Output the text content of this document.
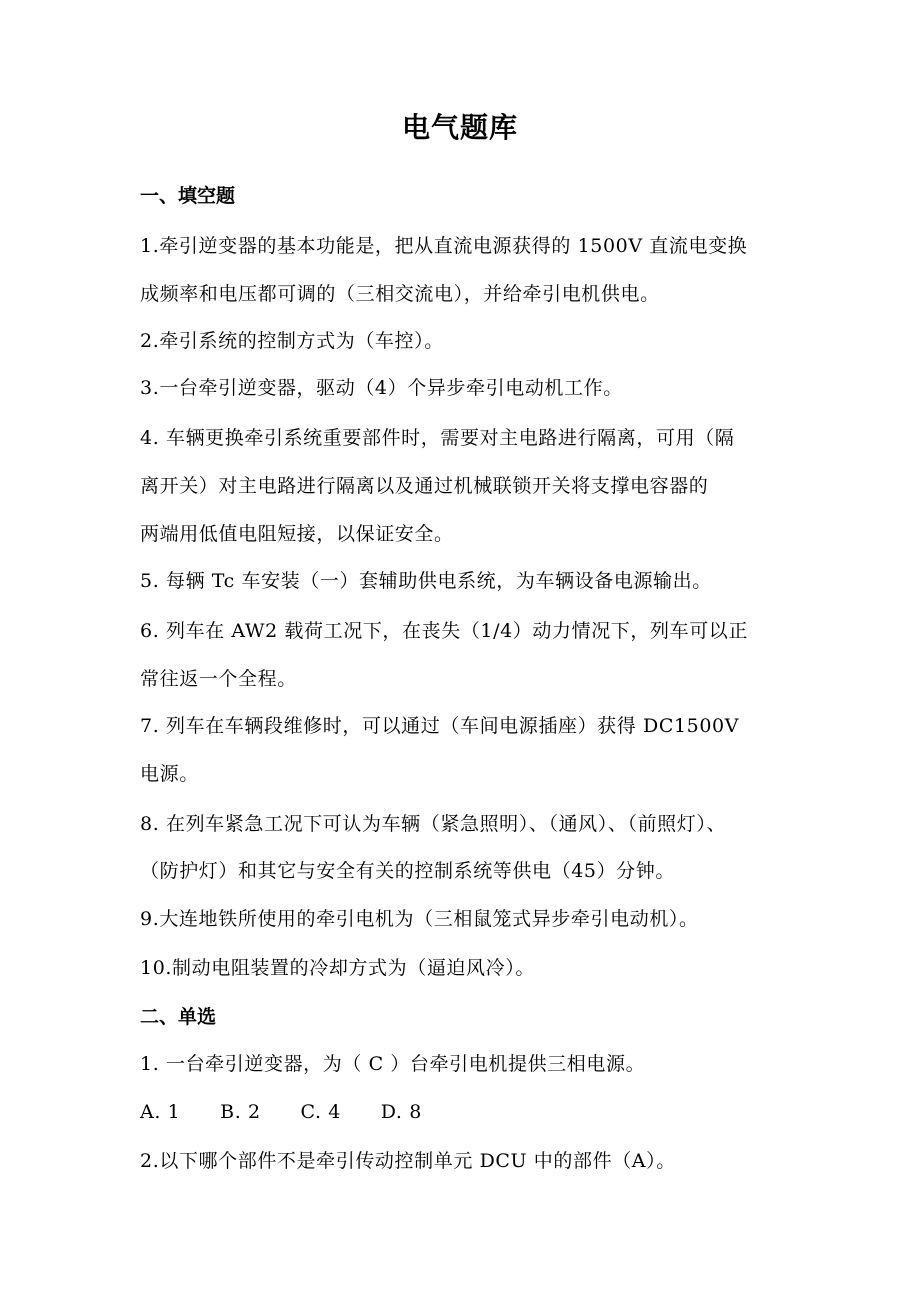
电气题库
一、填空题
1.牵引逆变器的基本功能是，把从直流电源获得的 1500V 直流电变换
成频率和电压都可调的（三相交流电），并给牵引电机供电。
2.牵引系统的控制方式为（车控）。
3.一台牵引逆变器，驱动（4）个异步牵引电动机工作。
4. 车辆更换牵引系统重要部件时，需要对主电路进行隔离，可用（隔
离开关）对主电路进行隔离以及通过机械联锁开关将支撑电容器的
两端用低值电阻短接，以保证安全。
5. 每辆 Tc 车安装（一）套辅助供电系统，为车辆设备电源输出。
6. 列车在 AW2 载荷工况下，在丧失（1/4）动力情况下，列车可以正
常往返一个全程。
7. 列车在车辆段维修时，可以通过（车间电源插座）获得 DC1500V
电源。
8. 在列车紧急工况下可认为车辆（紧急照明）、（通风）、（前照灯）、
（防护灯）和其它与安全有关的控制系统等供电（45）分钟。
9.大连地铁所使用的牵引电机为（三相鼠笼式异步牵引电动机）。
10.制动电阻装置的冷却方式为（逼迫风冷）。
二、单选
1. 一台牵引逆变器，为（ C ）台牵引电机提供三相电源。
A. 1      B. 2      C. 4      D. 8
2.以下哪个部件不是牵引传动控制单元 DCU 中的部件（A）。
